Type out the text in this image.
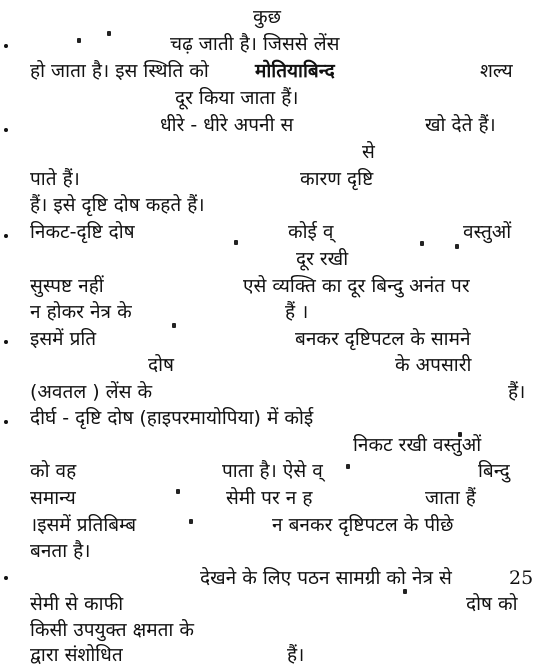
कुछ
चढ़ जाती है। जिससे लेंस
हो जाता है। इस स्थिति को मोतियाबिन्द	शल्य
दूर किया जाता हैं।
धीरे - धीरे अपनी स	खो देते हैं।
से
पाते हैं।	कारण दृष्टि
हैं। इसे दृष्टि दोष कहते हैं।
निकट-दृष्टि दोष	कोई व्	वस्तुओं
दूर रखी
सुस्पष्ट नहीं	एसे व्यक्ति का दूर बिन्दु अनंत पर
न होकर नेत्र के	हैं ।
इसमें प्रति	बनकर दृष्टिपटल के सामने
दोष	के अपसारी
(अवतल ) लेंस के	हैं।
दीर्घ - दृष्टि दोष (हाइपरमायोपिया) में कोई
निकट रखी वस्तुओं
को वह	पाता है। ऐसे व्	बिन्दु
समान्य	सेमी पर न ह	जाता हैं
।इसमें प्रतिबिम्ब	न बनकर दृष्टिपटल के पीछे
बनता है।
देखने के लिए पठन सामग्री को नेत्र से	25
सेमी से काफी	दोष को
किसी उपयुक्त क्षमता के
द्वारा संशोधित	हैं।
